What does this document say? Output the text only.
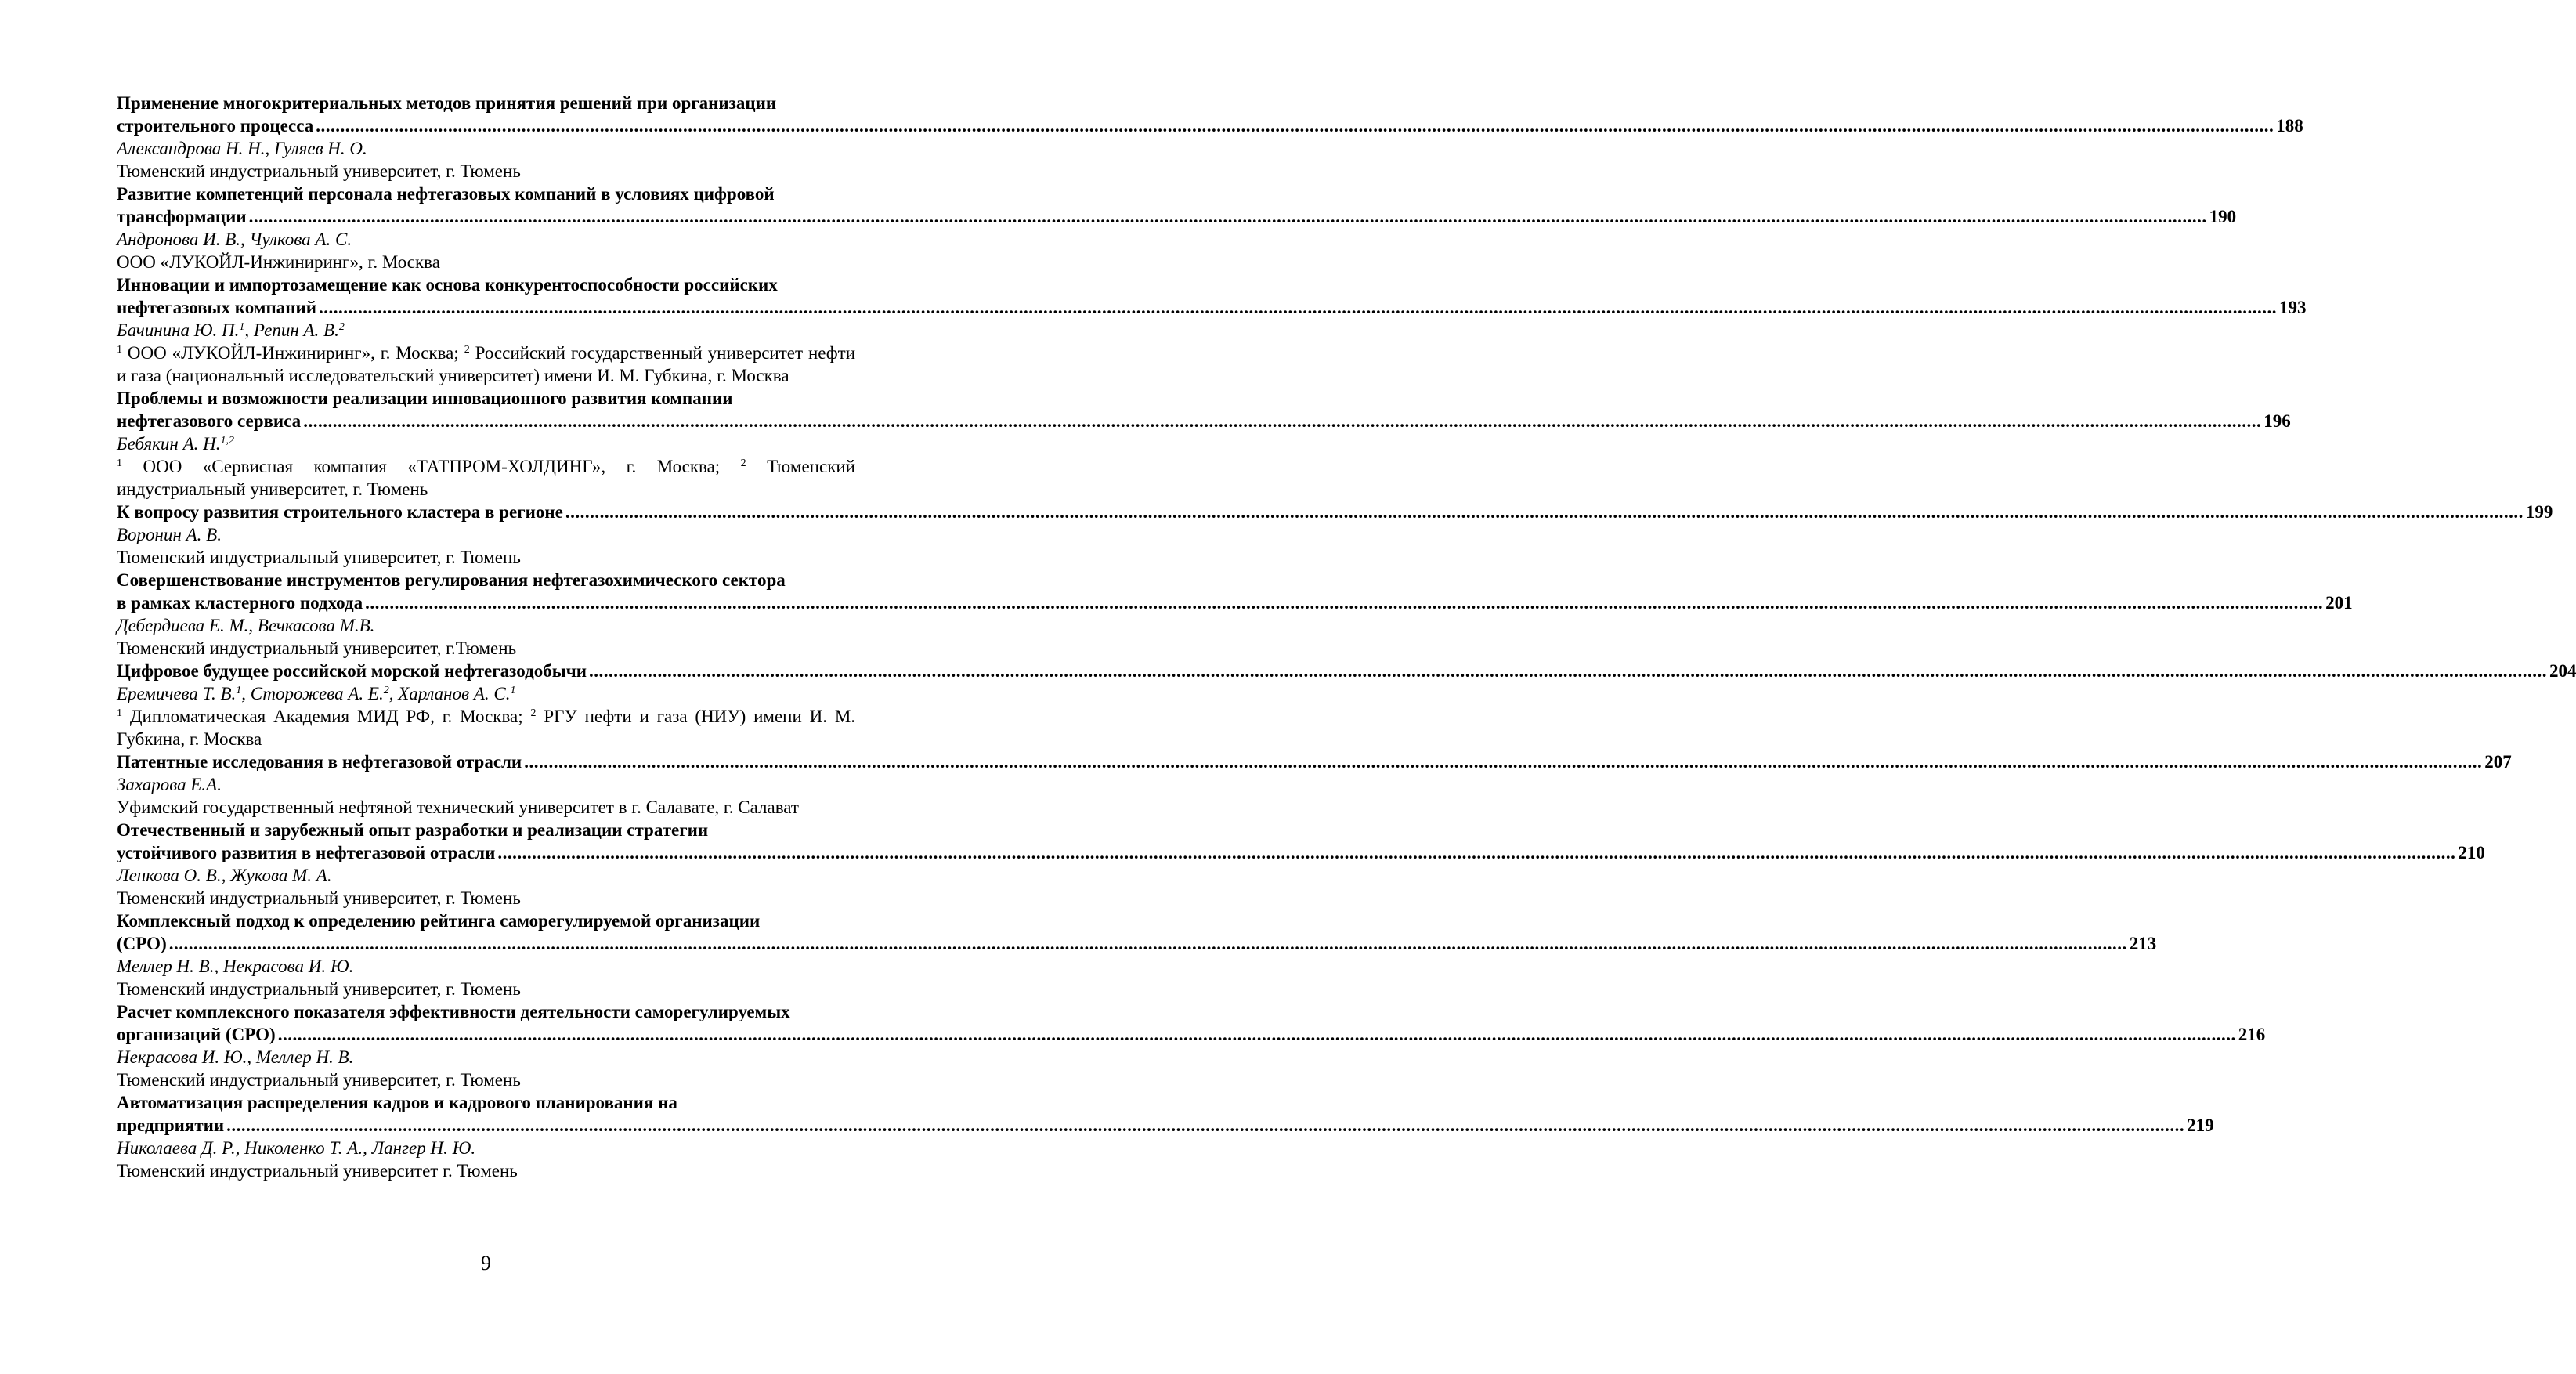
Применение многокритериальных методов принятия решений при организации
строительного процесса ................................................................................................................................................................................................................................................................................................................................................................................................................ 188
Александрова Н. Н., Гуляев Н. О.
Тюменский индустриальный университет, г. Тюмень
Развитие компетенций персонала нефтегазовых компаний в условиях цифровой
трансформации ................................................................................................................................................................................................................................................................................................................................................................................................................ 190
Андронова И. В., Чулкова А. С.
ООО «ЛУКОЙЛ-Инжиниринг», г. Москва
Инновации и импортозамещение как основа конкурентоспособности российских
нефтегазовых компаний ................................................................................................................................................................................................................................................................................................................................................................................................................ 193
Бачинина Ю. П.$^1$, Репин А. В.$^2$
$^1$ ООО «ЛУКОЙЛ-Инжиниринг», г. Москва; $^2$ Российский государственный университет нефти и газа (национальный исследовательский университет) имени И. М. Губкина, г. Москва
Проблемы и возможности реализации инновационного развития компании
нефтегазового сервиса ................................................................................................................................................................................................................................................................................................................................................................................................................ 196
Бебякин А. Н.$^{1,2}$
$^1$ ООО «Сервисная компания «ТАТПРОМ-ХОЛДИНГ», г. Москва; $^2$ Тюменский индустриальный университет, г. Тюмень
К вопросу развития строительного кластера в регионе ................................................................................................................................................................................................................................................................................................................................................................................................................ 199
Воронин А. В.
Тюменский индустриальный университет, г. Тюмень
Совершенствование инструментов регулирования нефтегазохимического сектора
в рамках кластерного подхода ................................................................................................................................................................................................................................................................................................................................................................................................................ 201
Дебердиева Е. М., Вечкасова М.В.
Тюменский индустриальный университет, г.Тюмень
Цифровое будущее российской морской нефтегазодобычи ................................................................................................................................................................................................................................................................................................................................................................................................................ 204
Еремичева Т. В.$^1$, Сторожева А. Е.$^2$, Харланов А. С.$^1$
$^1$ Дипломатическая Академия МИД РФ, г. Москва; $^2$ РГУ нефти и газа (НИУ) имени И. М. Губкина, г. Москва
Патентные исследования в нефтегазовой отрасли ................................................................................................................................................................................................................................................................................................................................................................................................................ 207
Захарова Е.А.
Уфимский государственный нефтяной технический университет в г. Салавате, г. Салават
Отечественный и зарубежный опыт разработки и реализации стратегии
устойчивого развития в нефтегазовой отрасли ................................................................................................................................................................................................................................................................................................................................................................................................................ 210
Ленкова О. В., Жукова М. А.
Тюменский индустриальный университет, г. Тюмень
Комплексный подход к определению рейтинга саморегулируемой организации
(СРО) ................................................................................................................................................................................................................................................................................................................................................................................................................ 213
Меллер Н. В., Некрасова И. Ю.
Тюменский индустриальный университет, г. Тюмень
Расчет комплексного показателя эффективности деятельности саморегулируемых
организаций (СРО) ................................................................................................................................................................................................................................................................................................................................................................................................................ 216
Некрасова И. Ю., Меллер Н. В.
Тюменский индустриальный университет, г. Тюмень
Автоматизация распределения кадров и кадрового планирования на
предприятии ................................................................................................................................................................................................................................................................................................................................................................................................................ 219
Николаева Д. Р., Николенко Т. А., Лангер Н. Ю.
Тюменский индустриальный университет г. Тюмень
9
